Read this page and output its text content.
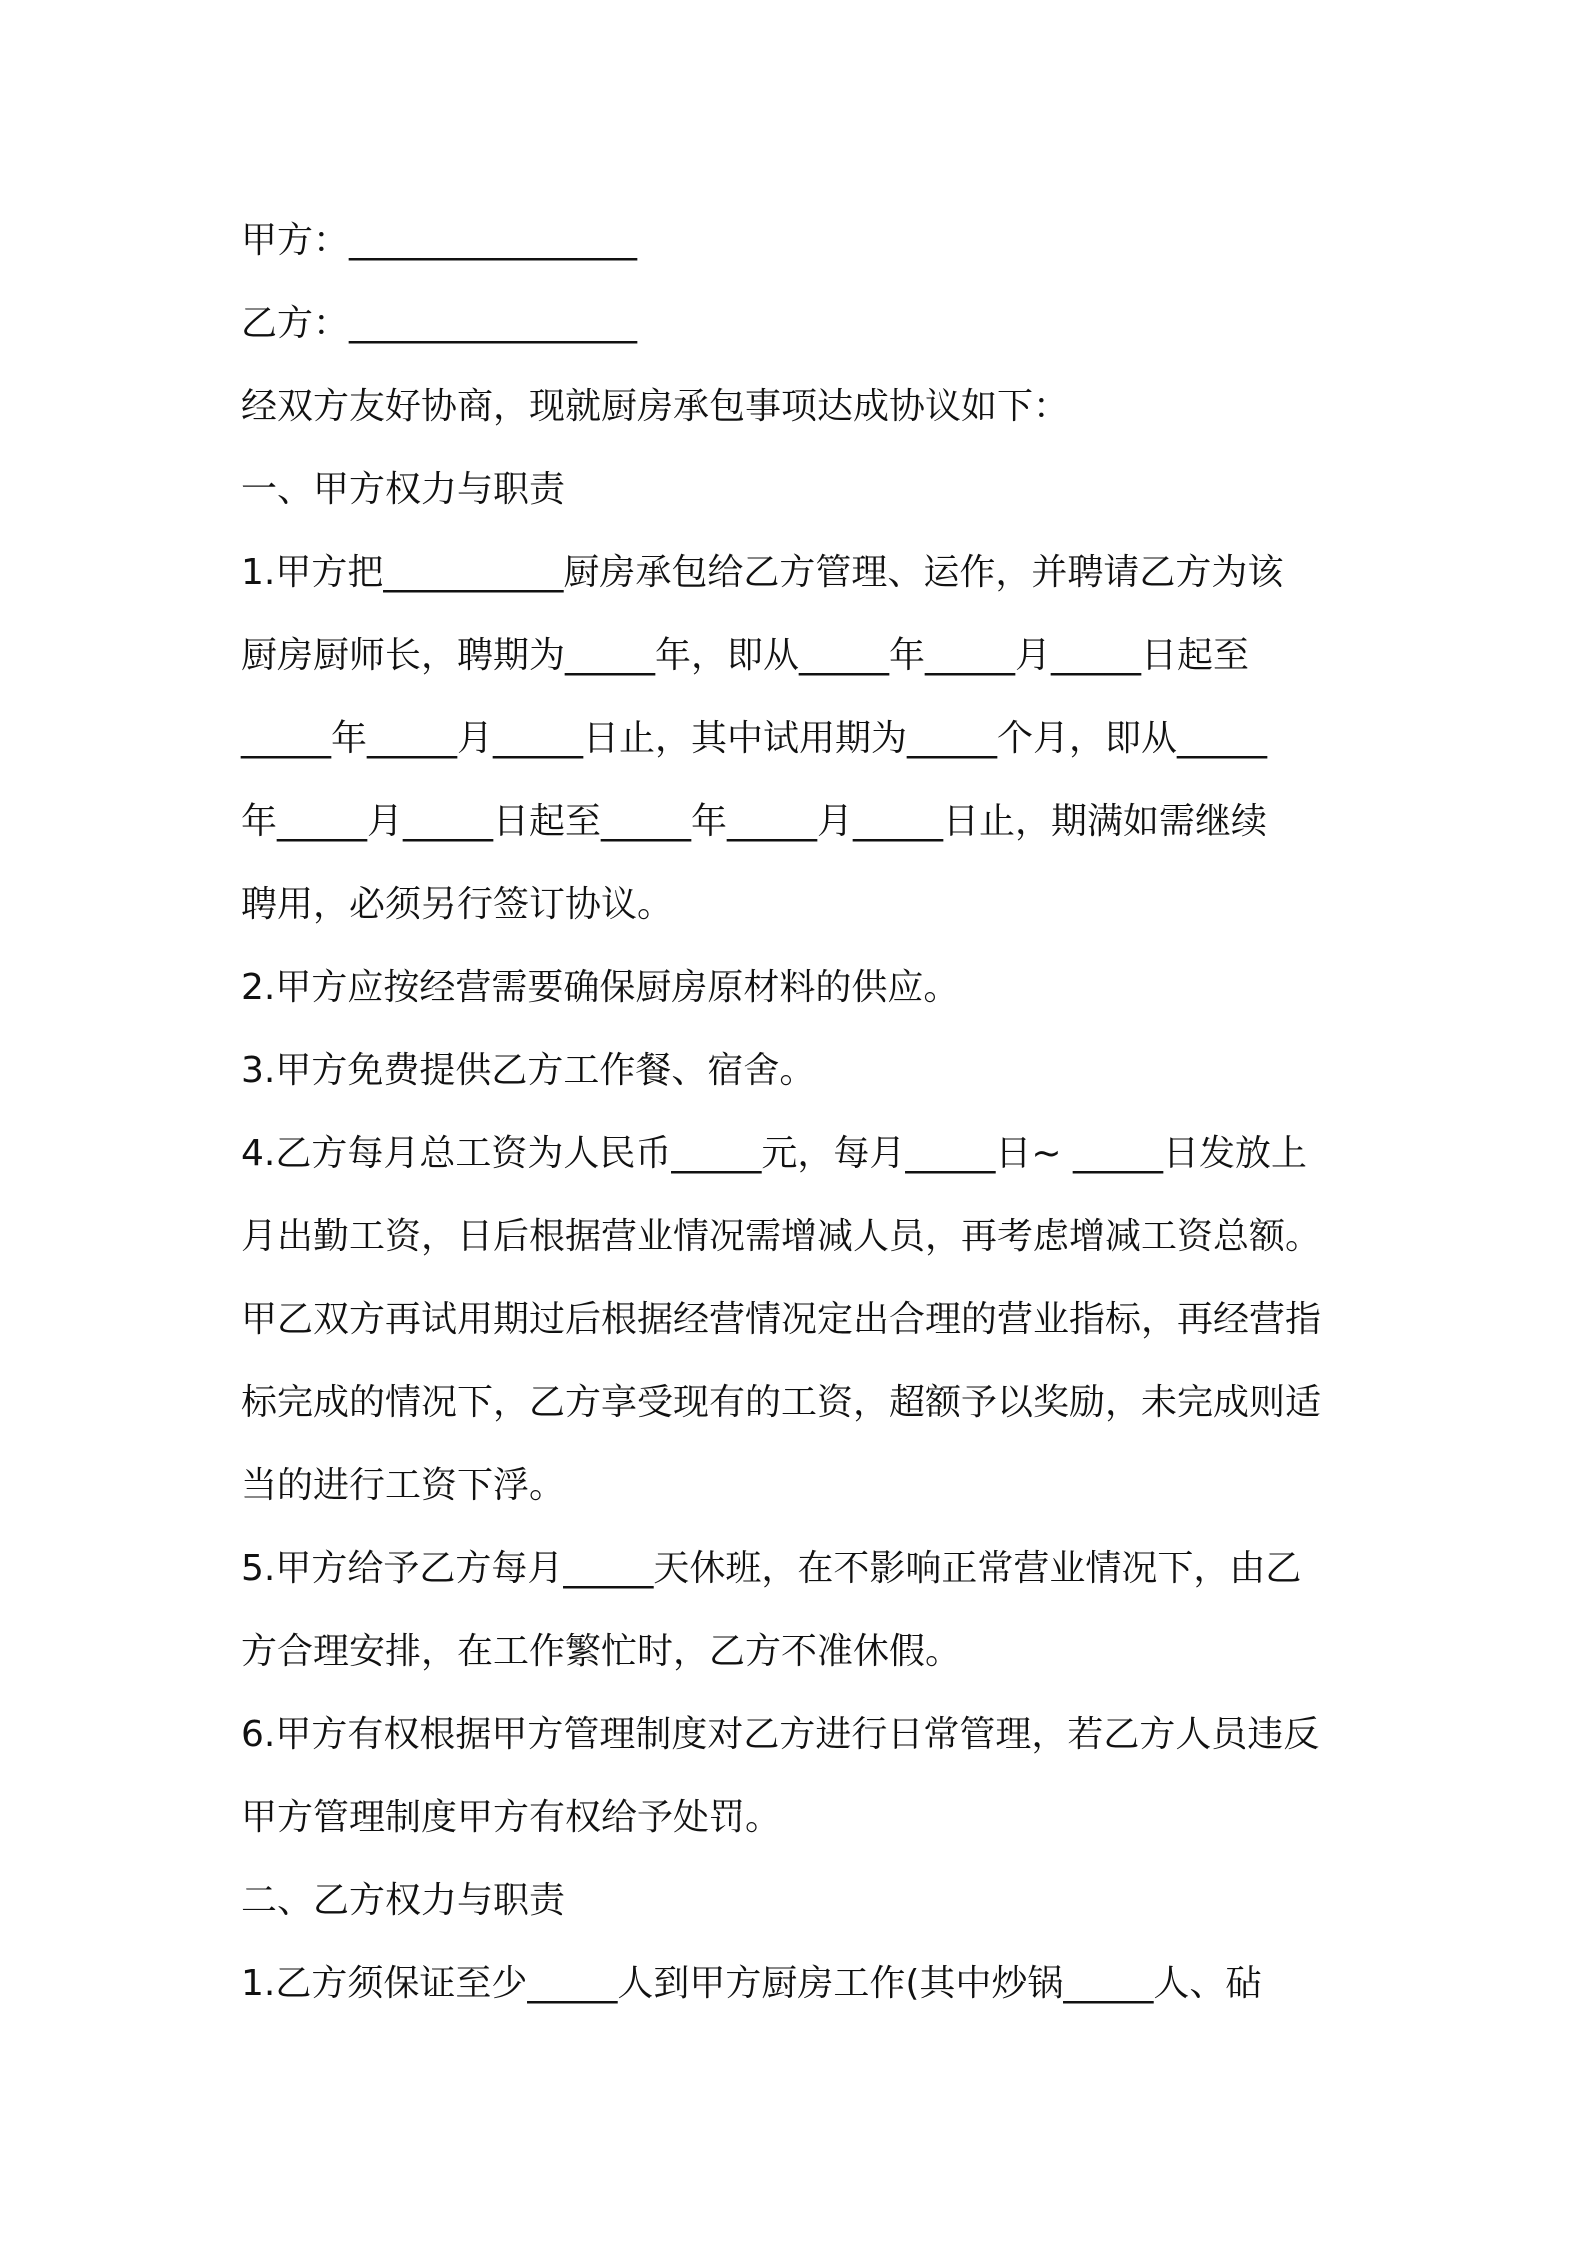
甲方：________________
乙方：________________
经双方友好协商，现就厨房承包事项达成协议如下：
一、甲方权力与职责
1.甲方把__________厨房承包给乙方管理、运作，并聘请乙方为该
厨房厨师长，聘期为_____年，即从_____年_____月_____日起至
_____年_____月_____日止，其中试用期为_____个月，即从_____
年_____月_____日起至_____年_____月_____日止，期满如需继续
聘用，必须另行签订协议。
2.甲方应按经营需要确保厨房原材料的供应。
3.甲方免费提供乙方工作餐、宿舍。
4.乙方每月总工资为人民币_____元，每月_____日~ _____日发放上
月出勤工资，日后根据营业情况需增减人员，再考虑增减工资总额。
甲乙双方再试用期过后根据经营情况定出合理的营业指标，再经营指
标完成的情况下，乙方享受现有的工资，超额予以奖励，未完成则适
当的进行工资下浮。
5.甲方给予乙方每月_____天休班，在不影响正常营业情况下，由乙
方合理安排，在工作繁忙时，乙方不准休假。
6.甲方有权根据甲方管理制度对乙方进行日常管理，若乙方人员违反
甲方管理制度甲方有权给予处罚。
二、乙方权力与职责
1.乙方须保证至少_____人到甲方厨房工作(其中炒锅_____人、砧
